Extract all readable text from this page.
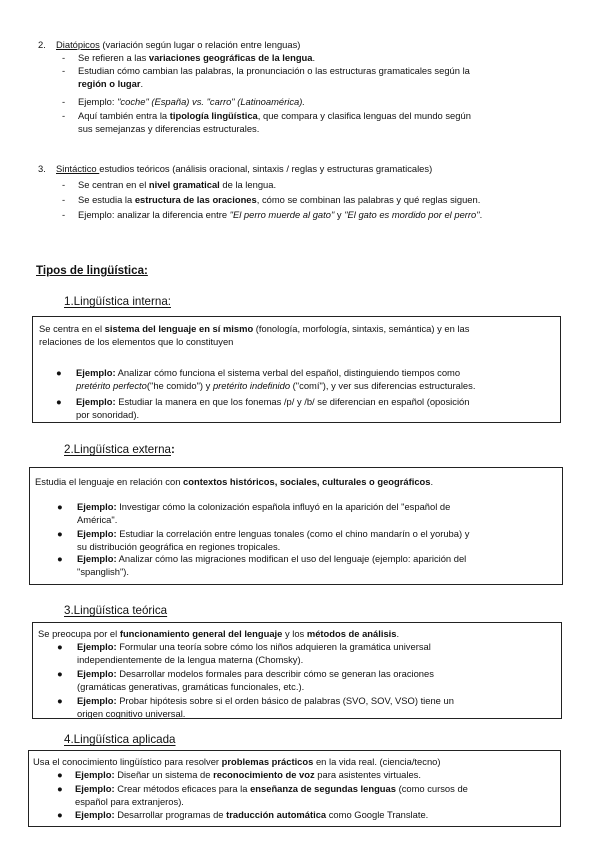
2. Diatópicos (variación según lugar o relación entre lenguas)
- Se refieren a las variaciones geográficas de la lengua.
- Estudian cómo cambian las palabras, la pronunciación o las estructuras gramaticales según la
región o lugar.
- Ejemplo: "coche" (España) vs. "carro" (Latinoamérica).
- Aquí también entra la tipología lingüística, que compara y clasifica lenguas del mundo según
sus semejanzas y diferencias estructurales.
3. Sintáctico estudios teóricos (análisis oracional, sintaxis / reglas y estructuras gramaticales)
- Se centran en el nivel gramatical de la lengua.
- Se estudia la estructura de las oraciones, cómo se combinan las palabras y qué reglas siguen.
- Ejemplo: analizar la diferencia entre "El perro muerde al gato" y "El gato es mordido por el perro".
Tipos de lingüística:
1.Lingüística interna:
Se centra en el sistema del lenguaje en sí mismo (fonología, morfología, sintaxis, semántica) y en las
relaciones de los elementos que lo constituyen
● Ejemplo: Analizar cómo funciona el sistema verbal del español, distinguiendo tiempos como
pretérito perfecto("he comido") y pretérito indefinido ("comí"), y ver sus diferencias estructurales.
● Ejemplo: Estudiar la manera en que los fonemas /p/ y /b/ se diferencian en español (oposición
por sonoridad).
2.Lingüística externa:
Estudia el lenguaje en relación con contextos históricos, sociales, culturales o geográficos.
● Ejemplo: Investigar cómo la colonización española influyó en la aparición del "español de
América".
● Ejemplo: Estudiar la correlación entre lenguas tonales (como el chino mandarín o el yoruba) y
su distribución geográfica en regiones tropicales.
● Ejemplo: Analizar cómo las migraciones modifican el uso del lenguaje (ejemplo: aparición del
"spanglish").
3.Lingüística teórica
Se preocupa por el funcionamiento general del lenguaje y los métodos de análisis.
● Ejemplo: Formular una teoría sobre cómo los niños adquieren la gramática universal
independientemente de la lengua materna (Chomsky).
● Ejemplo: Desarrollar modelos formales para describir cómo se generan las oraciones
(gramáticas generativas, gramáticas funcionales, etc.).
● Ejemplo: Probar hipótesis sobre si el orden básico de palabras (SVO, SOV, VSO) tiene un
origen cognitivo universal.
4.Lingüística aplicada
Usa el conocimiento lingüístico para resolver problemas prácticos en la vida real. (ciencia/tecno)
● Ejemplo: Diseñar un sistema de reconocimiento de voz para asistentes virtuales.
● Ejemplo: Crear métodos eficaces para la enseñanza de segundas lenguas (como cursos de
español para extranjeros).
● Ejemplo: Desarrollar programas de traducción automática como Google Translate.
